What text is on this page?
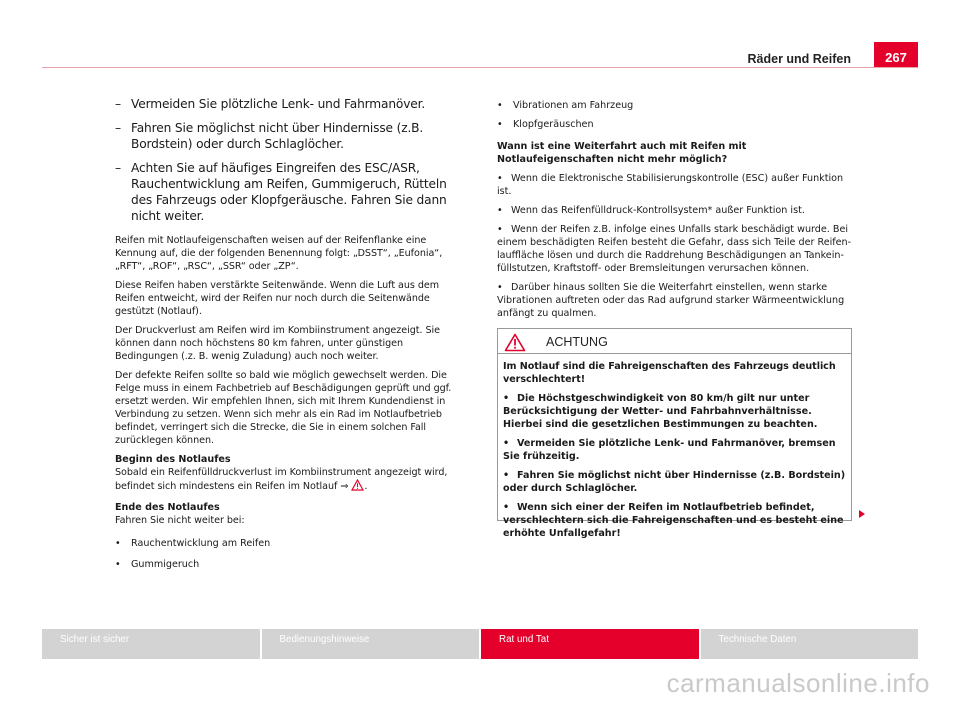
Räder und Reifen	267
– Vermeiden Sie plötzliche Lenk- und Fahrmanöver.
– Fahren Sie möglichst nicht über Hindernisse (z.B. Bordstein) oder durch Schlaglöcher.
– Achten Sie auf häufiges Eingreifen des ESC/ASR, Rauchentwicklung am Reifen, Gummigeruch, Rütteln des Fahrzeugs oder Klopfgeräusche. Fahren Sie dann nicht weiter.

Reifen mit Notlaufeigenschaften weisen auf der Reifenflanke eine Kennung auf, die der folgenden Benennung folgt: „DSST“, „Eufonia“, „RFT“, „ROF“, „RSC“, „SSR“ oder „ZP“.

Diese Reifen haben verstärkte Seitenwände. Wenn die Luft aus dem Reifen entweicht, wird der Reifen nur noch durch die Seitenwände gestützt (Notlauf).

Der Druckverlust am Reifen wird im Kombiinstrument angezeigt. Sie können dann noch höchstens 80 km fahren, unter günstigen Bedingungen (.z. B. wenig Zuladung) auch noch weiter.

Der defekte Reifen sollte so bald wie möglich gewechselt werden. Die Felge muss in einem Fachbetrieb auf Beschädigungen geprüft und ggf. ersetzt werden. Wir empfehlen Ihnen, sich mit Ihrem Kundendienst in Verbindung zu setzen. Wenn sich mehr als ein Rad im Notlaufbetrieb befindet, verringert sich die Strecke, die Sie in einem solchen Fall zurücklegen können.

Beginn des Notlaufes

Sobald ein Reifenfülldruckverlust im Kombiinstrument angezeigt wird, befindet sich mindestens ein Reifen im Notlauf ⇒ .

Ende des Notlaufes

Fahren Sie nicht weiter bei:

• Rauchentwicklung am Reifen
• Gummigeruch
• Vibrationen am Fahrzeug
• Klopfgeräuschen

Wann ist eine Weiterfahrt auch mit Reifen mit Notlaufeigenschaften nicht mehr möglich?

• Wenn die Elektronische Stabilisierungskontrolle (ESC) außer Funktion ist.
• Wenn das Reifenfülldruck-Kontrollsystem* außer Funktion ist.
• Wenn der Reifen z.B. infolge eines Unfalls stark beschädigt wurde. Bei einem beschädigten Reifen besteht die Gefahr, dass sich Teile der Reifenlauffläche lösen und durch die Raddrehung Beschädigungen an Tankeinfüllstutzen, Kraftstoff- oder Bremsleitungen verursachen können.
• Darüber hinaus sollten Sie die Weiterfahrt einstellen, wenn starke Vibrationen auftreten oder das Rad aufgrund starker Wärmeentwicklung anfängt zu qualmen.
ACHTUNG

Im Notlauf sind die Fahreigenschaften des Fahrzeugs deutlich verschlechtert!

• Die Höchstgeschwindigkeit von 80 km/h gilt nur unter Berücksichtigung der Wetter- und Fahrbahnverhältnisse. Hierbei sind die gesetzlichen Bestimmungen zu beachten.
• Vermeiden Sie plötzliche Lenk- und Fahrmanöver, bremsen Sie frühzeitig.
• Fahren Sie möglichst nicht über Hindernisse (z.B. Bordstein) oder durch Schlaglöcher.
• Wenn sich einer der Reifen im Notlaufbetrieb befindet, verschlechtern sich die Fahreigenschaften und es besteht eine erhöhte Unfallgefahr!
Sicher ist sicher	Bedienungshinweise	Rat und Tat	Technische Daten
carmanualsonline.info
